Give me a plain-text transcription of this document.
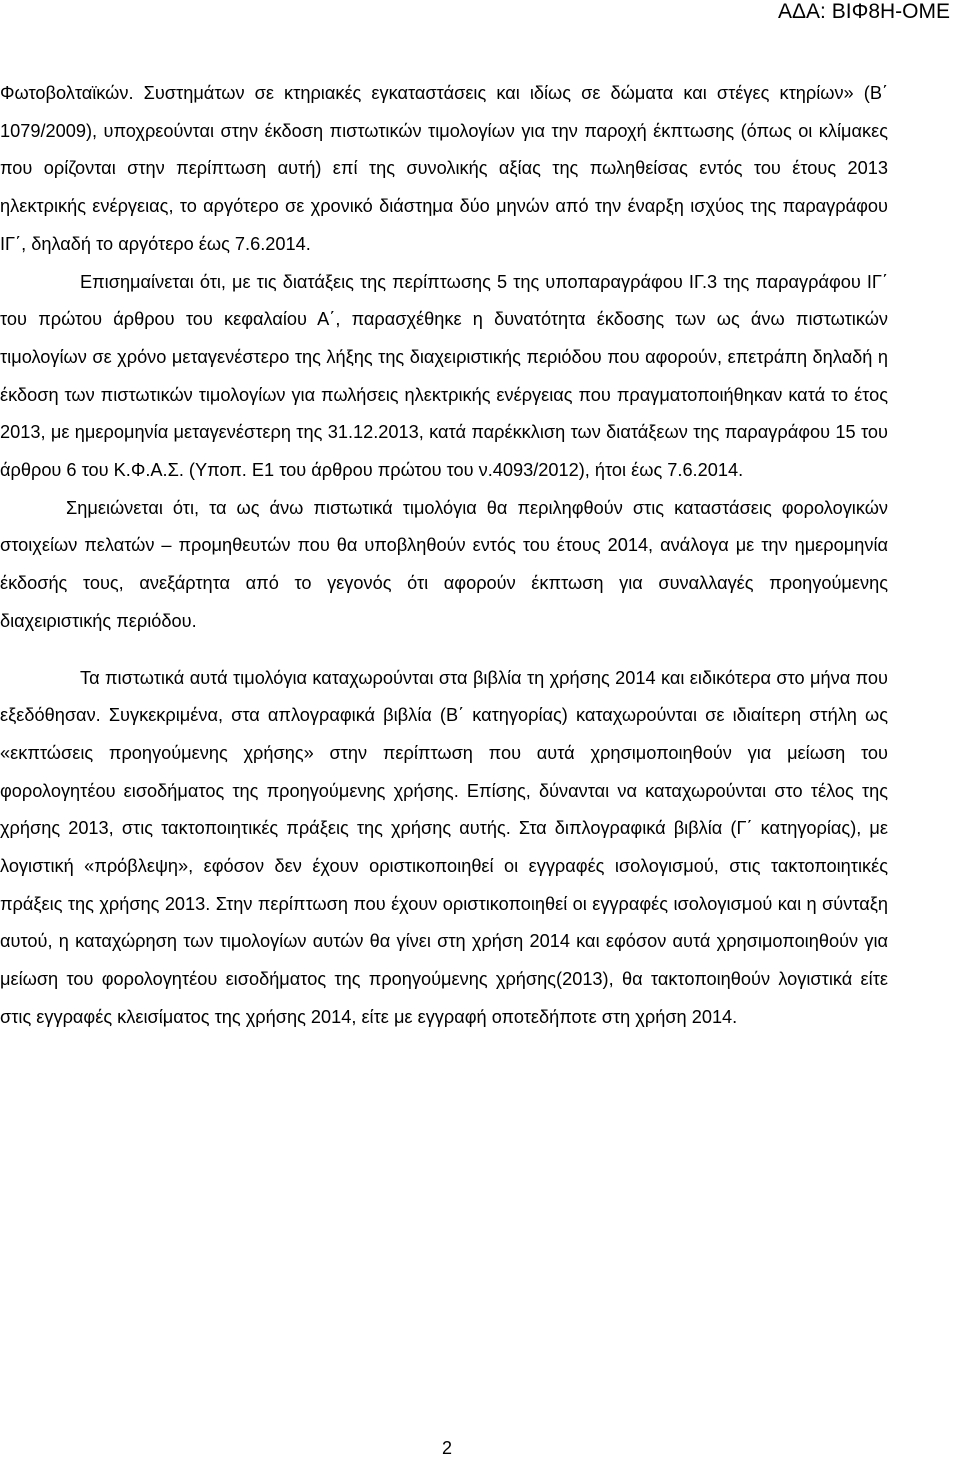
ΑΔΑ: ΒΙΦ8Η-ΟΜΕ

Φωτοβολταϊκών. Συστημάτων σε κτηριακές εγκαταστάσεις και ιδίως σε δώματα και στέγες κτηρίων» (Β΄ 1079/2009), υποχρεούνται στην έκδοση πιστωτικών τιμολογίων για την παροχή έκπτωσης (όπως οι κλίμακες που ορίζονται στην περίπτωση αυτή) επί της συνολικής αξίας της πωληθείσας εντός του έτους 2013 ηλεκτρικής ενέργειας, το αργότερο σε χρονικό διάστημα δύο μηνών από την έναρξη ισχύος της παραγράφου ΙΓ΄, δηλαδή το αργότερο έως 7.6.2014.

Επισημαίνεται ότι, με τις διατάξεις της περίπτωσης 5 της υποπαραγράφου ΙΓ.3 της παραγράφου ΙΓ΄ του πρώτου άρθρου του κεφαλαίου Α΄, παρασχέθηκε η δυνατότητα έκδοσης των ως άνω πιστωτικών τιμολογίων σε χρόνο μεταγενέστερο της λήξης της διαχειριστικής περιόδου που αφορούν, επετράπη δηλαδή η έκδοση των πιστωτικών τιμολογίων για πωλήσεις ηλεκτρικής ενέργειας που πραγματοποιήθηκαν κατά το έτος 2013, με ημερομηνία μεταγενέστερη της 31.12.2013, κατά παρέκκλιση των διατάξεων της παραγράφου 15 του άρθρου 6 του Κ.Φ.Α.Σ. (Υποπ. Ε1 του άρθρου πρώτου του ν.4093/2012), ήτοι έως 7.6.2014.

Σημειώνεται ότι, τα ως άνω πιστωτικά τιμολόγια θα περιληφθούν στις καταστάσεις φορολογικών στοιχείων πελατών – προμηθευτών που θα υποβληθούν εντός του έτους 2014, ανάλογα με την ημερομηνία έκδοσής τους, ανεξάρτητα από το γεγονός ότι αφορούν έκπτωση για συναλλαγές προηγούμενης διαχειριστικής περιόδου.

Τα πιστωτικά αυτά τιμολόγια καταχωρούνται στα βιβλία τη χρήσης 2014 και ειδικότερα στο μήνα που εξεδόθησαν. Συγκεκριμένα, στα απλογραφικά βιβλία (Β΄ κατηγορίας) καταχωρούνται σε ιδιαίτερη στήλη ως «εκπτώσεις προηγούμενης χρήσης» στην περίπτωση που αυτά χρησιμοποιηθούν για μείωση του φορολογητέου εισοδήματος της προηγούμενης χρήσης. Επίσης, δύνανται να καταχωρούνται στο τέλος της χρήσης 2013, στις τακτοποιητικές πράξεις της χρήσης αυτής. Στα διπλογραφικά βιβλία (Γ΄ κατηγορίας), με λογιστική «πρόβλεψη», εφόσον δεν έχουν οριστικοποιηθεί οι εγγραφές ισολογισμού, στις τακτοποιητικές πράξεις της χρήσης 2013. Στην περίπτωση που έχουν οριστικοποιηθεί οι εγγραφές ισολογισμού και η σύνταξη αυτού, η καταχώρηση των τιμολογίων αυτών θα γίνει στη χρήση 2014 και εφόσον αυτά χρησιμοποιηθούν για μείωση του φορολογητέου εισοδήματος της προηγούμενης χρήσης(2013), θα τακτοποιηθούν λογιστικά είτε στις εγγραφές κλεισίματος της χρήσης 2014, είτε με εγγραφή οποτεδήποτε στη χρήση 2014.

2
